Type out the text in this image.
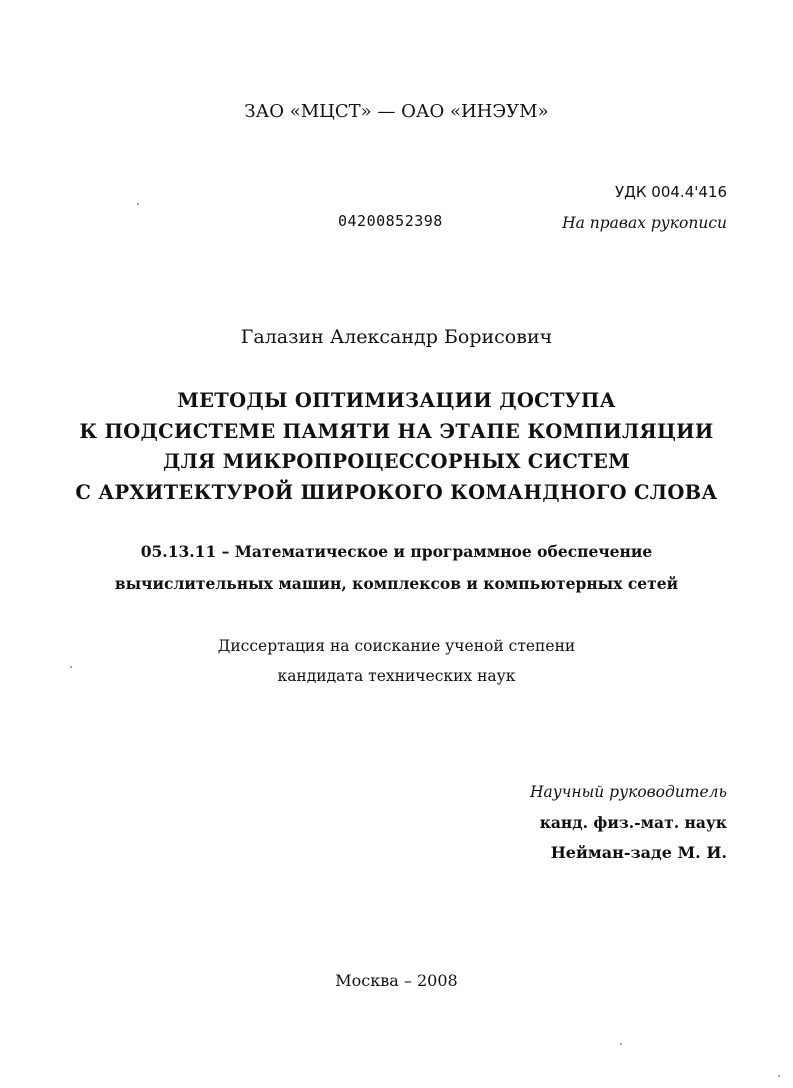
ЗАО «МЦСТ» — ОАО «ИНЭУМ»
УДК 004.4'416
04200852398	На правах рукописи
Галазин Александр Борисович
МЕТОДЫ ОПТИМИЗАЦИИ ДОСТУПА
К ПОДСИСТЕМЕ ПАМЯТИ НА ЭТАПЕ КОМПИЛЯЦИИ
ДЛЯ МИКРОПРОЦЕССОРНЫХ СИСТЕМ
С АРХИТЕКТУРОЙ ШИРОКОГО КОМАНДНОГО СЛОВА
05.13.11 – Математическое и программное обеспечение
вычислительных машин, комплексов и компьютерных сетей
Диссертация на соискание ученой степени
кандидата технических наук
Научный руководитель
канд. физ.-мат. наук
Нейман-заде М. И.
Москва – 2008
